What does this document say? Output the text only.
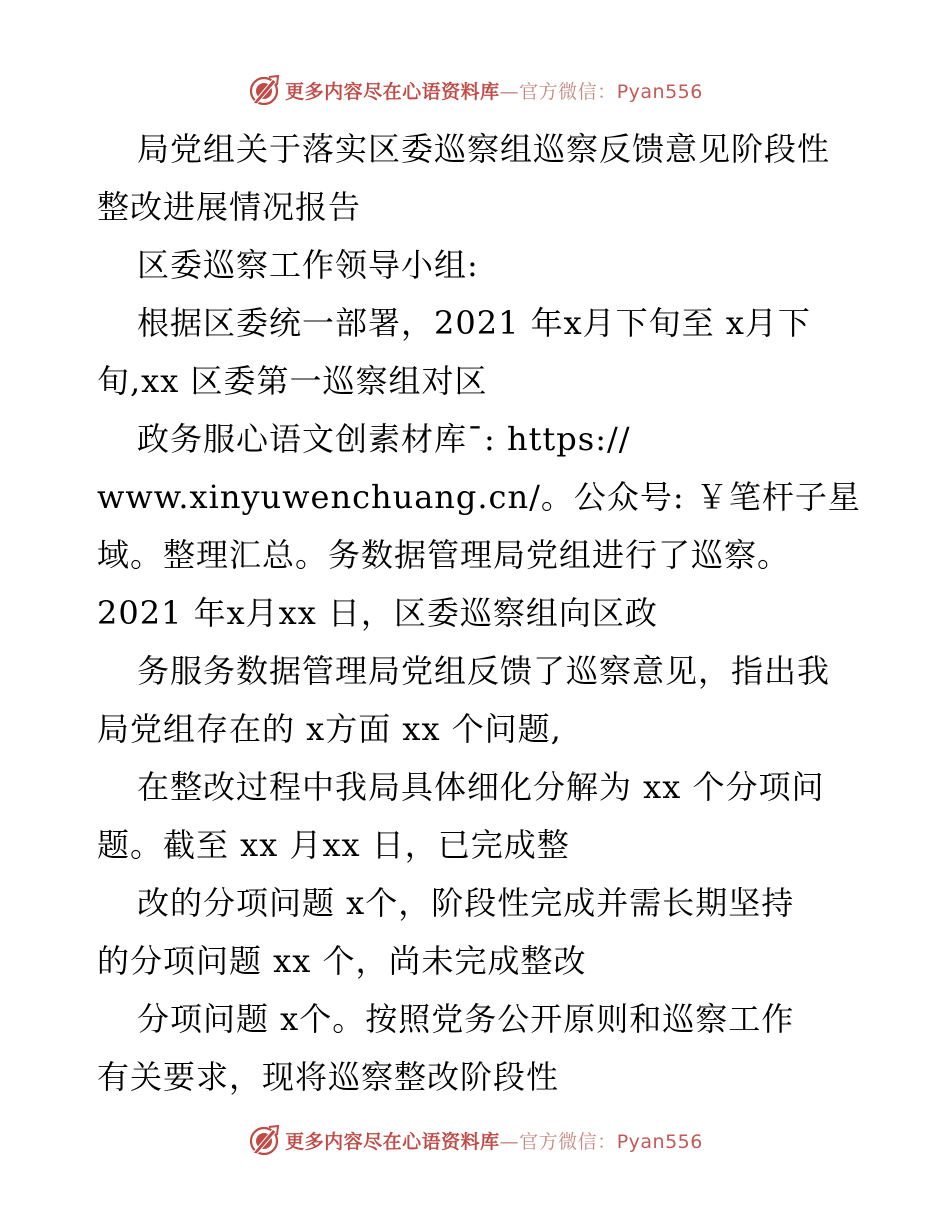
更多内容尽在心语资料库—官方微信：Pyan556
局党组关于落实区委巡察组巡察反馈意见阶段性
整改进展情况报告
区委巡察工作领导小组:
根据区委统一部署，2021 年x月下旬至 x月下
旬,xx 区委第一巡察组对区
政务服心语文创素材库¯: https://
www.xinyuwenchuang.cn/。公众号: ￥笔杆子星
域。整理汇总。务数据管理局党组进行了巡察。
2021 年x月xx 日，区委巡察组向区政
务服务数据管理局党组反馈了巡察意见，指出我
局党组存在的 x方面 xx 个问题,
在整改过程中我局具体细化分解为 xx 个分项问
题。截至 xx 月xx 日，已完成整
改的分项问题 x个，阶段性完成并需长期坚持
的分项问题 xx 个，尚未完成整改
分项问题 x个。按照党务公开原则和巡察工作
有关要求，现将巡察整改阶段性
更多内容尽在心语资料库—官方微信：Pyan556
